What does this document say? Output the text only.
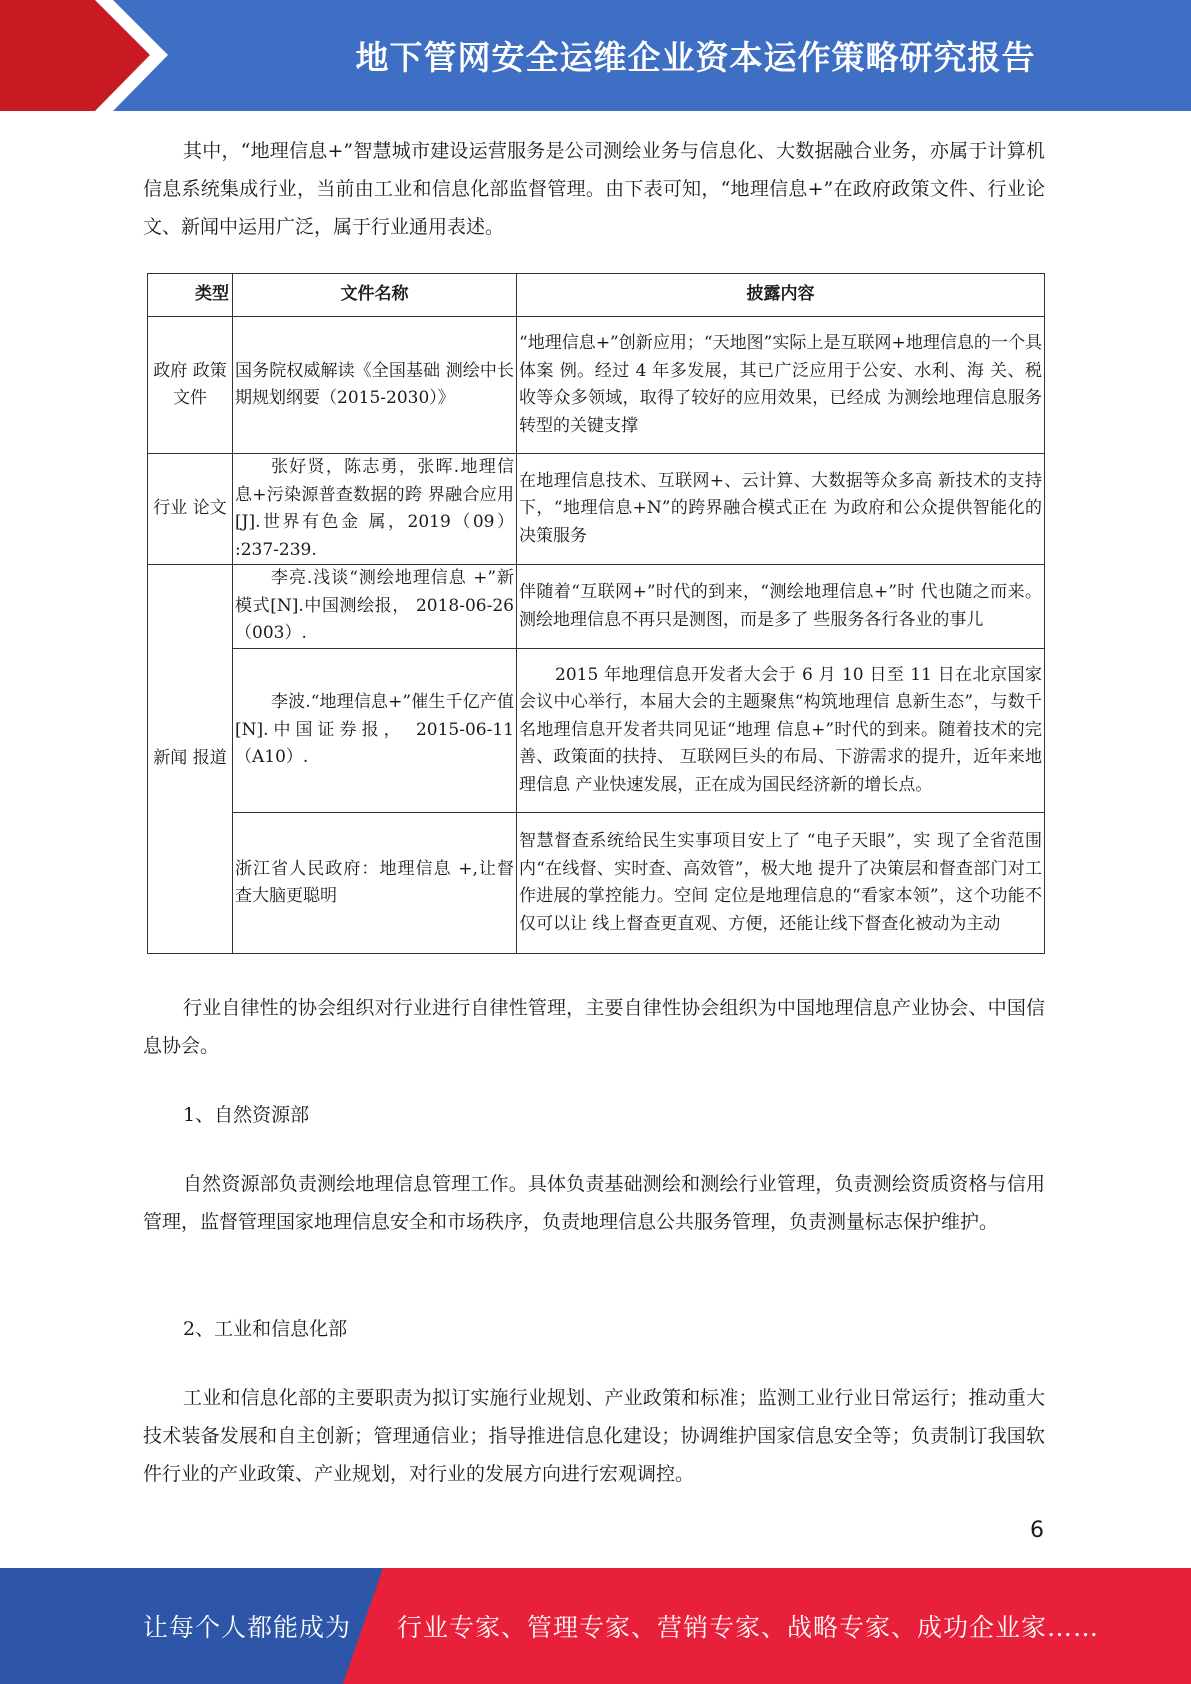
地下管网安全运维企业资本运作策略研究报告

其中，“地理信息+”智慧城市建设运营服务是公司测绘业务与信息化、大数据融合业务，亦属于计算机信息系统集成行业，当前由工业和信息化部监督管理。由下表可知，“地理信息+”在政府政策文件、行业论文、新闻中运用广泛，属于行业通用表述。

类型	文件名称	披露内容
政府 政策 文件	国务院权威解读《全国基础 测绘中长期规划纲要（2015-2030）》	“地理信息+”创新应用；“天地图”实际上是互联网+地理信息的一个具体案 例。经过 4 年多发展，其已广泛应用于公安、水利、海 关、税收等众多领域，取得了较好的应用效果，已经成 为测绘地理信息服务转型的关键支撑
行业 论文	张好贤，陈志勇，张晖.地理信息+污染源普查数据的跨 界融合应用[J].世界有色金 属，2019（09） :237-239.	在地理信息技术、互联网+、云计算、大数据等众多高 新技术的支持下，“地理信息+N”的跨界融合模式正在 为政府和公众提供智能化的决策服务
新闻 报道	李亮.浅谈“测绘地理信息 +”新模式[N].中国测绘报， 2018-06-26 （003）.	伴随着“互联网+”时代的到来，“测绘地理信息+”时 代也随之而来。测绘地理信息不再只是测图，而是多了 些服务各行各业的事儿
	李波.“地理信息+”催生千亿产值[N].中国证券报， 2015-06-11（A10）.	2015 年地理信息开发者大会于 6 月 10 日至 11 日在北京国家会议中心举行，本届大会的主题聚焦“构筑地理信 息新生态”，与数千名地理信息开发者共同见证“地理 信息+”时代的到来。随着技术的完善、政策面的扶持、 互联网巨头的布局、下游需求的提升，近年来地理信息 产业快速发展，正在成为国民经济新的增长点。
	浙江省人民政府：地理信息 +,让督查大脑更聪明	智慧督查系统给民生实事项目安上了 “电子天眼”，实 现了全省范围内“在线督、实时查、高效管”，极大地 提升了决策层和督查部门对工作进展的掌控能力。空间 定位是地理信息的“看家本领”，这个功能不仅可以让 线上督查更直观、方便，还能让线下督查化被动为主动

行业自律性的协会组织对行业进行自律性管理，主要自律性协会组织为中国地理信息产业协会、中国信息协会。

1、自然资源部

自然资源部负责测绘地理信息管理工作。具体负责基础测绘和测绘行业管理，负责测绘资质资格与信用管理，监督管理国家地理信息安全和市场秩序，负责地理信息公共服务管理，负责测量标志保护维护。

2、工业和信息化部

工业和信息化部的主要职责为拟订实施行业规划、产业政策和标准；监测工业行业日常运行；推动重大技术装备发展和自主创新；管理通信业；指导推进信息化建设；协调维护国家信息安全等；负责制订我国软件行业的产业政策、产业规划，对行业的发展方向进行宏观调控。

6
让每个人都能成为 行业专家、管理专家、营销专家、战略专家、成功企业家……
